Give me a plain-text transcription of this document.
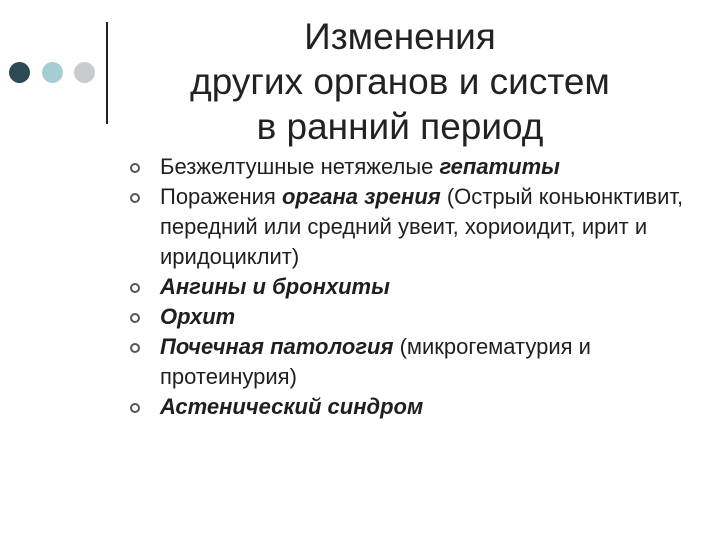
Изменения
других органов и систем
в ранний период
Безжелтушные нетяжелые гепатиты
Поражения органа зрения (Острый коньюнктивит, передний или средний увеит, хориоидит, ирит и иридоциклит)
Ангины и бронхиты
Орхит
Почечная патология (микрогематурия и протеинурия)
Астенический синдром
